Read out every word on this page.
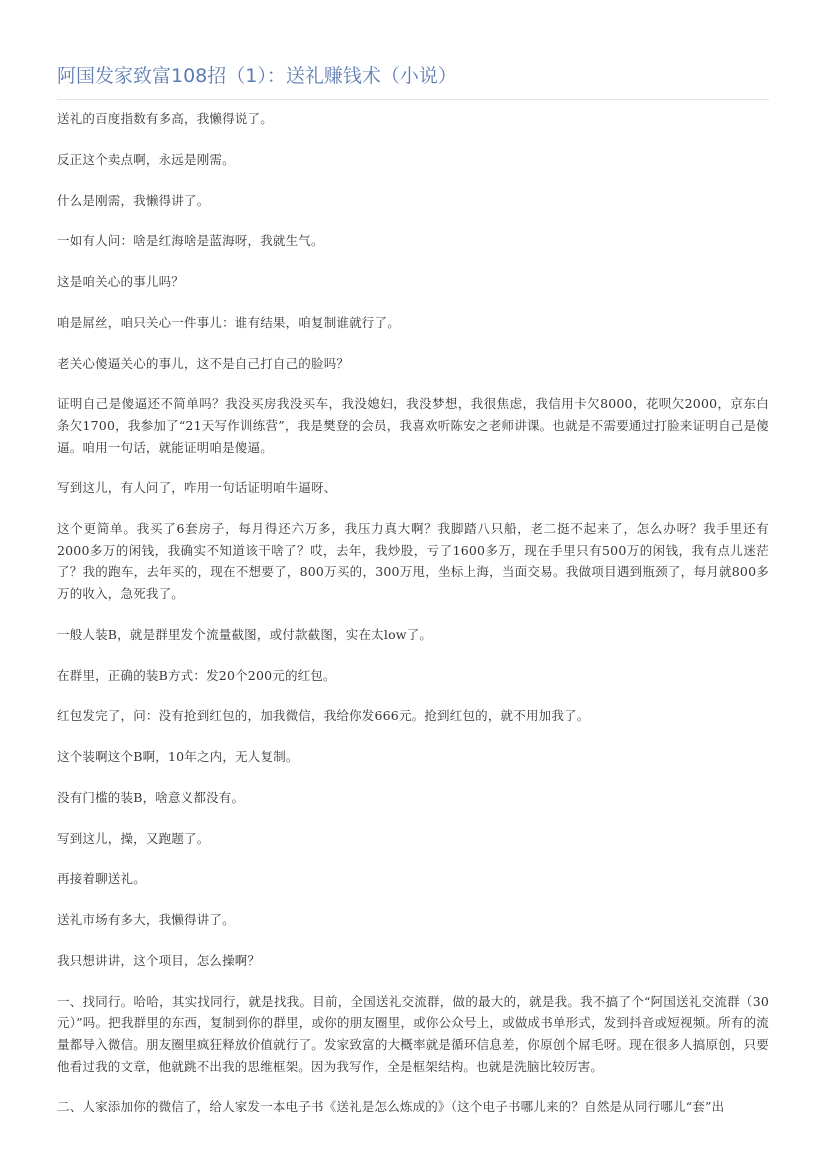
阿国发家致富108招（1）：送礼赚钱术（小说）

送礼的百度指数有多高，我懒得说了。

反正这个卖点啊，永远是刚需。

什么是刚需，我懒得讲了。

一如有人问：啥是红海啥是蓝海呀，我就生气。

这是咱关心的事儿吗？

咱是屌丝，咱只关心一件事儿：谁有结果，咱复制谁就行了。

老关心傻逼关心的事儿，这不是自己打自己的脸吗？

证明自己是傻逼还不简单吗？我没买房我没买车，我没媳妇，我没梦想，我很焦虑，我信用卡欠8000，花呗欠2000，京东白条欠1700，我参加了“21天写作训练营”，我是樊登的会员，我喜欢听陈安之老师讲课。也就是不需要通过打脸来证明自己是傻逼。咱用一句话，就能证明咱是傻逼。

写到这儿，有人问了，咋用一句话证明咱牛逼呀、

这个更简单。我买了6套房子，每月得还六万多，我压力真大啊？我脚踏八只船，老二挺不起来了，怎么办呀？我手里还有2000多万的闲钱，我确实不知道该干啥了？哎，去年，我炒股，亏了1600多万，现在手里只有500万的闲钱，我有点儿迷茫了？我的跑车，去年买的，现在不想要了，800万买的，300万甩，坐标上海，当面交易。我做项目遇到瓶颈了，每月就800多万的收入，急死我了。

一般人装B，就是群里发个流量截图，或付款截图，实在太low了。

在群里，正确的装B方式：发20个200元的红包。

红包发完了，问：没有抢到红包的，加我微信，我给你发666元。抢到红包的，就不用加我了。

这个装啊这个B啊，10年之内，无人复制。

没有门槛的装B，啥意义都没有。

写到这儿，操，又跑题了。

再接着聊送礼。

送礼市场有多大，我懒得讲了。

我只想讲讲，这个项目，怎么操啊？

一、找同行。哈哈，其实找同行，就是找我。目前，全国送礼交流群，做的最大的，就是我。我不搞了个“阿国送礼交流群（30元）”吗。把我群里的东西，复制到你的群里，或你的朋友圈里，或你公众号上，或做成书单形式，发到抖音或短视频。所有的流量都导入微信。朋友圈里疯狂释放价值就行了。发家致富的大概率就是循环信息差，你原创个屌毛呀。现在很多人搞原创，只要他看过我的文章，他就跳不出我的思维框架。因为我写作，全是框架结构。也就是洗脑比较厉害。

二、人家添加你的微信了，给人家发一本电子书《送礼是怎么炼成的》（这个电子书哪儿来的？自然是从同行哪儿“套”出
